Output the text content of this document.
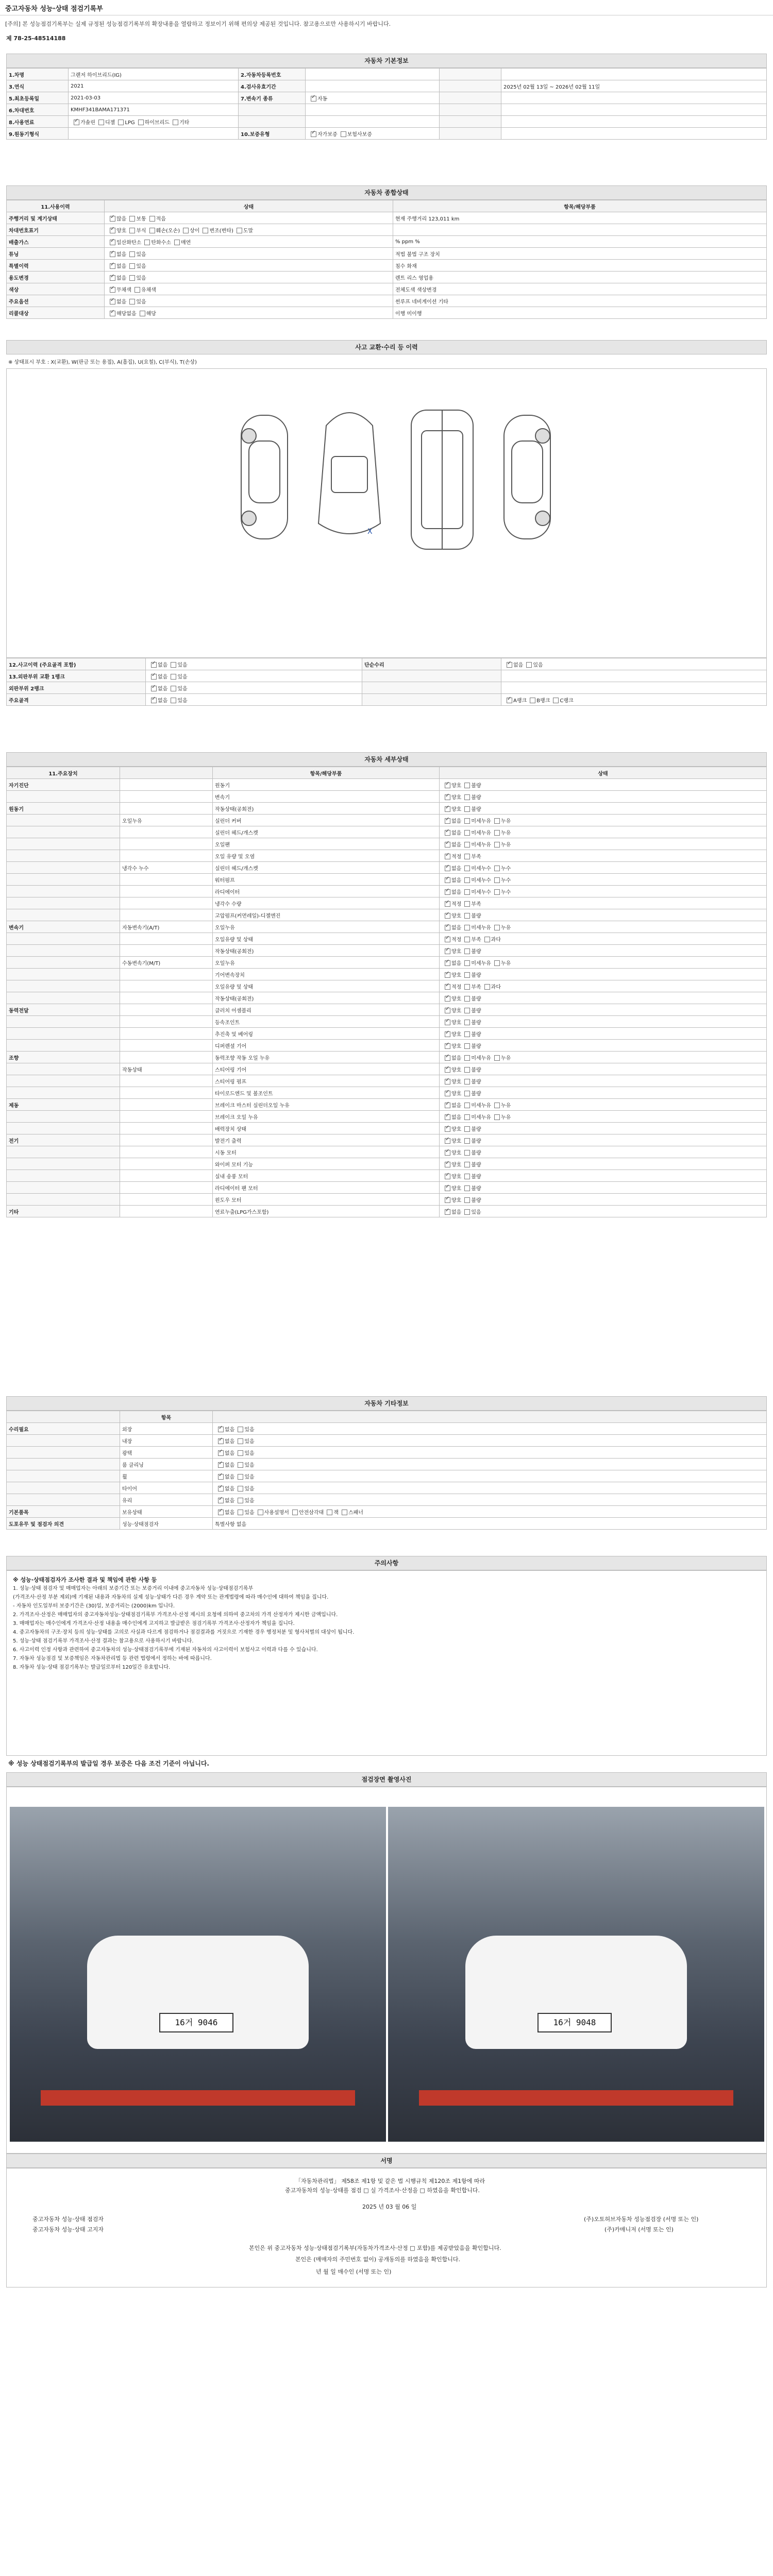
중고자동차 성능·상태 점검기록부
[주의] 본 성능점검기록부는 실제 규정된 성능점검기록부의 확장내용을 열람하고 정보이기 위해 편의상 제공된 것입니다. 참고용으로만 사용하시기 바랍니다.
제 78-25-48514188
자동차 기본정보
1.차명	그랜저 하이브리드(IG)	2.자동차등록번호			
3.연식	2021	4.검사유효기간			2025년 02월 13일 ~ 2026년 02월 11일
5.최초등록일	2021-03-03	7.변속기 종류	✓자동		
6.차대번호	KMHF341BAMA171371				
8.사용연료	✓가솔린 디젤 LPG 하이브리드 기타				
9.원동기형식		10.보증유형	✓자가보증 보험사보증		
자동차 종합상태
11.사용이력	상태	항목/해당부품
주행거리 및 계기상태	✓많음 보통 적음	현재 주행거리 123,011 km
차대번호표기	✓양호 부식 훼손(오손) 상이 변조(변타) 도말	
배출가스	✓일산화탄소 탄화수소 매연	% ppm %
튜닝	✓없음 있음	적법 불법 구조 장치
특별이력	✓없음 있음	침수 화재
용도변경	✓없음 있음	렌트 리스 영업용
색상	✓무채색 유채색	전체도색 색상변경
주요옵션	✓없음 있음	썬루프 네비게이션 기타
리콜대상	✓해당없음 해당	이행 미이행
사고 교환·수리 등 이력
※ 상태표시 부호 : X(교환), W(판금 또는 용접), A(흠집), U(요철), C(부식), T(손상)
X
12.사고이력 (주요골격 포함)	✓없음 있음	단순수리	✓없음 있음
13.외판부위 교환 1랭크	✓없음 있음		
외판부위 2랭크	✓없음 있음		
주요골격	✓없음 있음		✓A랭크 B랭크 C랭크
자동차 세부상태
11.주요장치		항목/해당부품	상태
자기진단		원동기	✓양호 불량
		변속기	✓양호 불량
원동기		작동상태(공회전)	✓양호 불량
	오일누유	실린더 커버	✓없음 미세누유 누유
		실린더 헤드/개스켓	✓없음 미세누유 누유
		오일팬	✓없음 미세누유 누유
		오일 유량 및 오염	✓적정 부족
	냉각수 누수	실린더 헤드/개스켓	✓없음 미세누수 누수
		워터펌프	✓없음 미세누수 누수
		라디에이터	✓없음 미세누수 누수
		냉각수 수량	✓적정 부족
		고압펌프(커먼레일)-디젤엔진	✓양호 불량
변속기	자동변속기(A/T)	오일누유	✓없음 미세누유 누유
		오일유량 및 상태	✓적정 부족 과다
		작동상태(공회전)	✓양호 불량
	수동변속기(M/T)	오일누유	✓없음 미세누유 누유
		기어변속장치	✓양호 불량
		오일유량 및 상태	✓적정 부족 과다
		작동상태(공회전)	✓양호 불량
동력전달		클러치 어셈블리	✓양호 불량
		등속조인트	✓양호 불량
		추진축 및 베어링	✓양호 불량
		디퍼렌셜 기어	✓양호 불량
조향		동력조향 작동 오일 누유	✓없음 미세누유 누유
	작동상태	스티어링 기어	✓양호 불량
		스티어링 펌프	✓양호 불량
		타이로드엔드 및 볼조인트	✓양호 불량
제동		브레이크 마스터 실린더오일 누유	✓없음 미세누유 누유
		브레이크 오일 누유	✓없음 미세누유 누유
		배력장치 상태	✓양호 불량
전기		발전기 출력	✓양호 불량
		시동 모터	✓양호 불량
		와이퍼 모터 기능	✓양호 불량
		실내 송풍 모터	✓양호 불량
		라디에이터 팬 모터	✓양호 불량
		윈도우 모터	✓양호 불량
기타		연료누출(LPG가스포함)	✓없음 있음
자동차 기타정보
	항목	
수리필요	외장	✓없음 있음
	내장	✓없음 있음
	광택	✓없음 있음
	룸 클리닝	✓없음 있음
	휠	✓없음 있음
	타이어	✓없음 있음
	유리	✓없음 있음
기본품목	보유상태	✓없음 있음 사용설명서 안전삼각대 잭 스패너
도포유무 및 점검자 의견	성능·상태점검자	특별사항 없음
주의사항

※ 성능·상태점검자가 조사한 결과 및 책임에 관한 사항 등

1. 성능·상태 점검자 및 매매업자는 아래의 보증기간 또는 보증거리 이내에 중고자동차 성능·상태점검기록부

(가격조사·산정 부분 제외)에 기재된 내용과 자동차의 실제 성능·상태가 다른 경우 계약 또는 관계법령에 따라 매수인에 대하여 책임을 집니다.

- 자동차 인도일부터 보증기간은 (30)일, 보증거리는 (2000)km 입니다.

2. 가격조사·산정은 매매업자의 중고자동차성능·상태점검기록부 가격조사·산정 제시의 요청에 의하여 중고차의 가격 산정자가 제시한 금액입니다.

3. 매매업자는 매수인에게 가격조사·산정 내용을 매수인에게 고지하고 발급받은 점검기록부 가격조사·산정자가 책임을 집니다.

4. 중고자동차의 구조·장치 등의 성능·상태를 고의로 사실과 다르게 점검하거나 점검결과를 거짓으로 기재한 경우 행정처분 및 형사처벌의 대상이 됩니다.

5. 성능·상태 점검기록부 가격조사·산정 결과는 참고용으로 사용하시기 바랍니다.

6. 사고이력 인정 사항과 관련하여 중고자동차의 성능·상태점검기록부에 기재된 자동차의 사고이력이 보험사고 이력과 다를 수 있습니다.

7. 자동차 성능점검 및 보증책임은 자동차관리법 등 관련 법령에서 정하는 바에 따릅니다.

8. 자동차 성능·상태 점검기록부는 발급일로부터 120일간 유효합니다.

※ 성능 상태점검기록부의 발급일 경우 보증은 다음 조건 기준이 아닙니다.
점검장면 촬영사진
16거 9046	16거 9048
서명
「자동차관리법」 제58조 제1항 및 같은 법 시행규칙 제120조 제1항에 따라
중고자동차의 성능·상태를 점검 □ 실 가격조사·산정을 □ 하였음을 확인합니다.
2025 년 03 월 06 일
중고자동차 성능·상태 점검자	(주)오토허브자동차 성능점검장 (서명 또는 인)
중고자동차 성능·상태 고지자	(주)카매니저 (서명 또는 인)
본인은 위 중고자동차 성능·상태점검기록부(자동차가격조사·산정 □ 포함)를 제공받았음을 확인합니다.
본인은 (매매자의 주민번호 없이) 공개동의를 하였음을 확인합니다.
년 월 일 매수인 (서명 또는 인)
